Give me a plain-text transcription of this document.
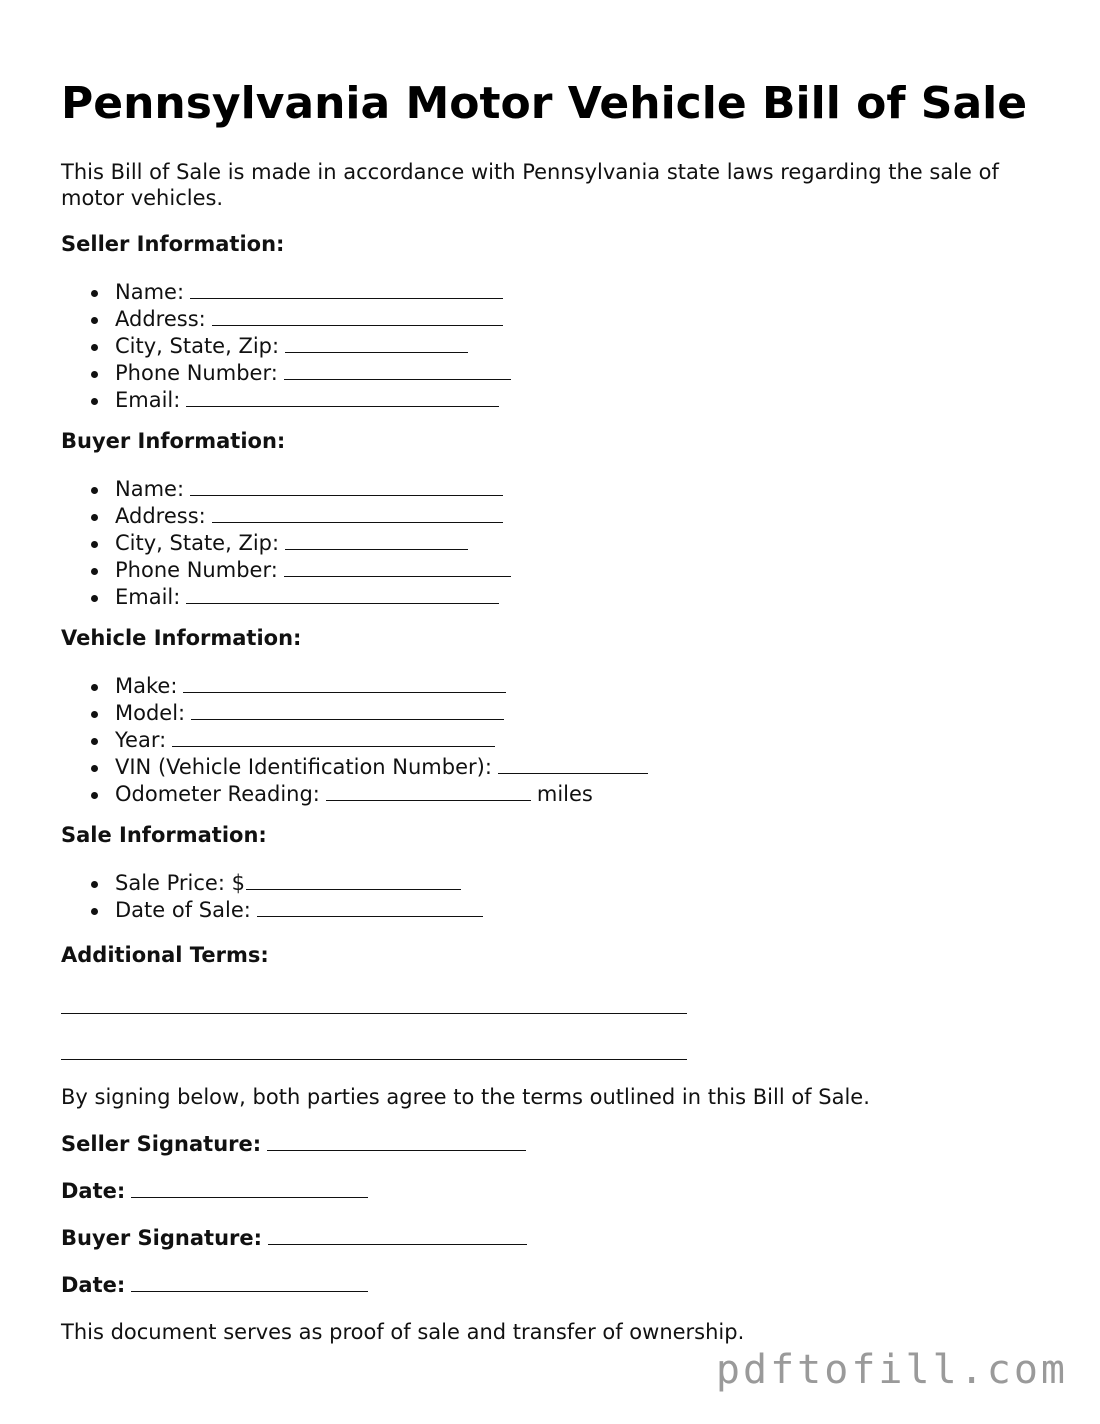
Pennsylvania Motor Vehicle Bill of Sale

This Bill of Sale is made in accordance with Pennsylvania state laws regarding the sale of motor vehicles.

Seller Information:

Name:
Address:
City, State, Zip:
Phone Number:
Email:

Buyer Information:

Name:
Address:
City, State, Zip:
Phone Number:
Email:

Vehicle Information:

Make:
Model:
Year:
VIN (Vehicle Identification Number):
Odometer Reading:	miles

Sale Information:

Sale Price: $
Date of Sale:

Additional Terms:

By signing below, both parties agree to the terms outlined in this Bill of Sale.

Seller Signature:

Date:

Buyer Signature:

Date:

This document serves as proof of sale and transfer of ownership.

pdftofill.com
